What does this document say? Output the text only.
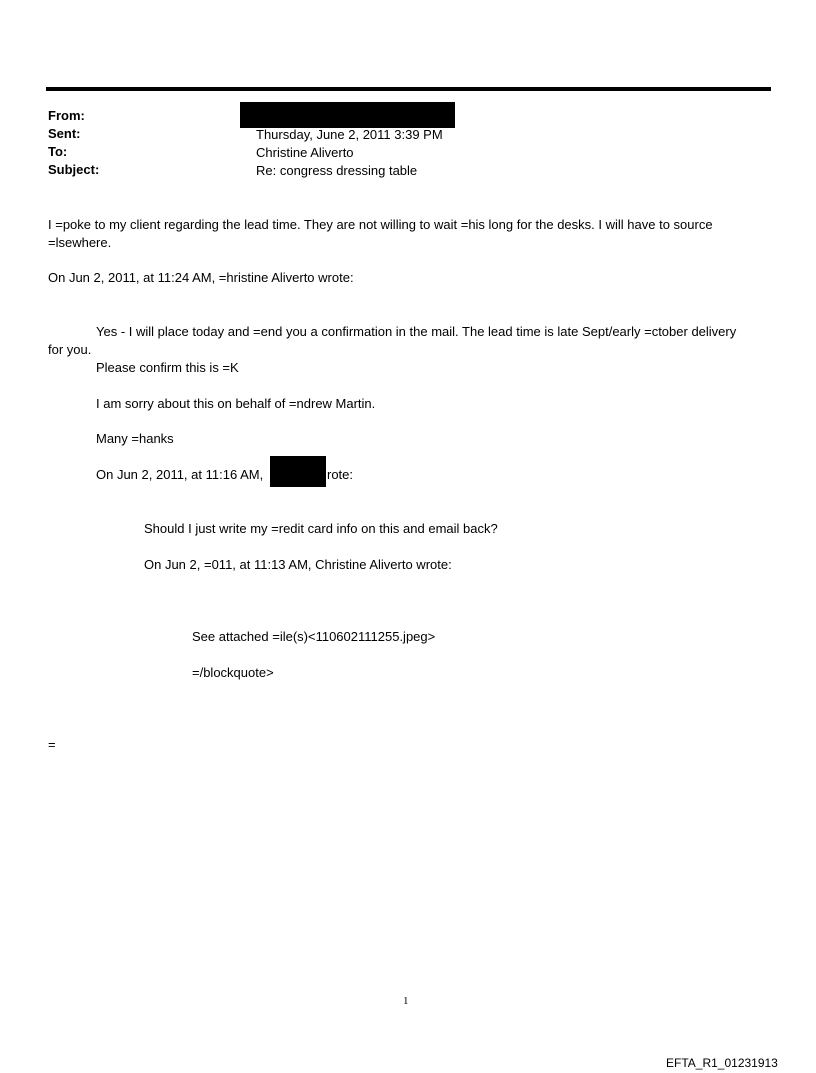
From:
Sent:	Thursday, June 2, 2011 3:39 PM
To:	Christine Aliverto
Subject:	Re: congress dressing table
I =poke to my client regarding the lead time. They are not willing to wait =his long for the desks. I will have to source
=lsewhere.
On Jun 2, 2011, at 11:24 AM, =hristine Aliverto wrote:
Yes - I will place today and =end you a confirmation in the mail. The lead time is late Sept/early =ctober delivery
for you.
Please confirm this is =K
I am sorry about this on behalf of =ndrew Martin.
Many =hanks
On Jun 2, 2011, at 11:16 AM,	rote:
Should I just write my =redit card info on this and email back?
On Jun 2, =011, at 11:13 AM, Christine Aliverto wrote:
See attached =ile(s)<110602111255.jpeg>
=/blockquote>
=
1
EFTA_R1_01231913
